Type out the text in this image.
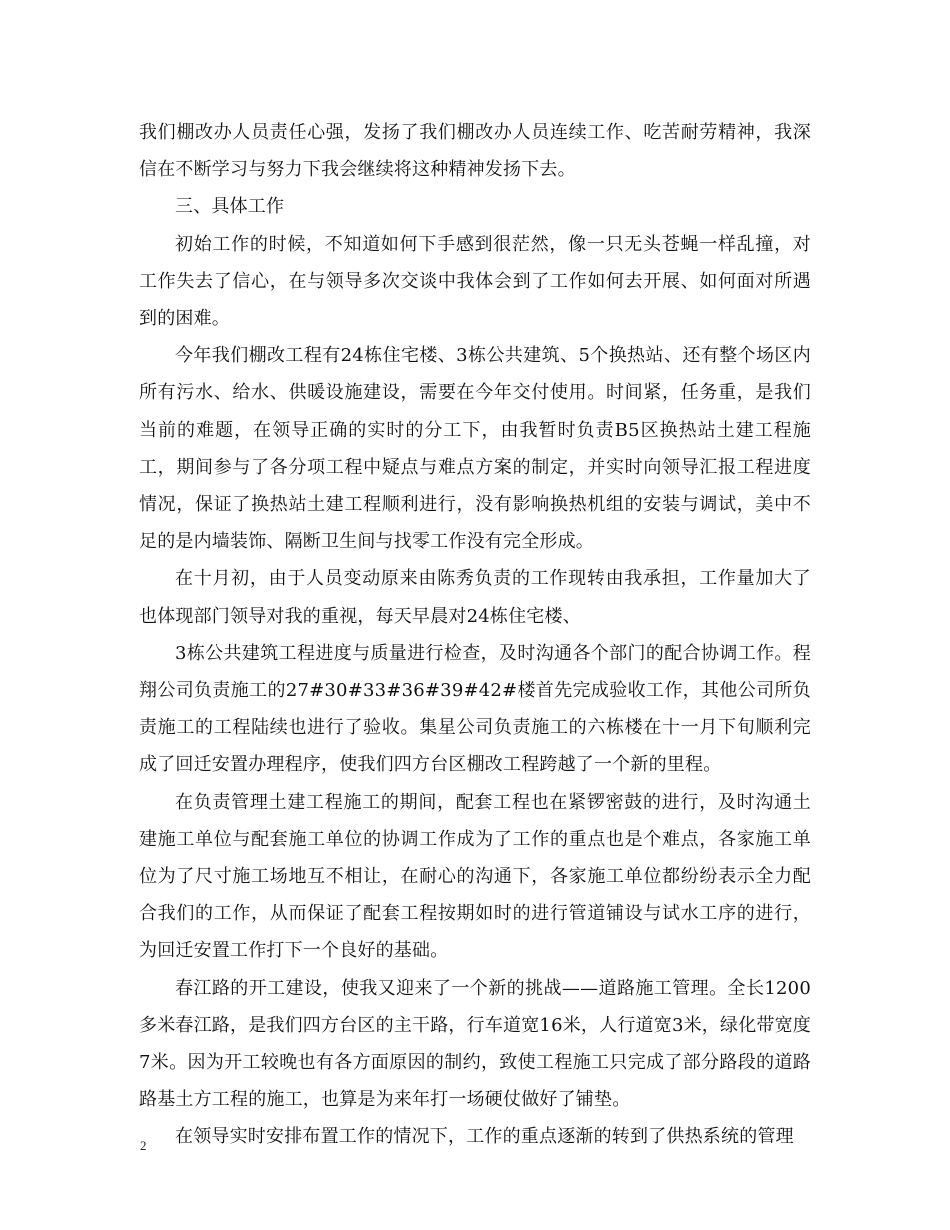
我们棚改办人员责任心强，发扬了我们棚改办人员连续工作、吃苦耐劳精神，我深信在不断学习与努力下我会继续将这种精神发扬下去。

三、具体工作

初始工作的时候，不知道如何下手感到很茫然，像一只无头苍蝇一样乱撞，对工作失去了信心，在与领导多次交谈中我体会到了工作如何去开展、如何面对所遇到的困难。

今年我们棚改工程有24栋住宅楼、3栋公共建筑、5个换热站、还有整个场区内所有污水、给水、供暖设施建设，需要在今年交付使用。时间紧，任务重，是我们当前的难题，在领导正确的实时的分工下，由我暂时负责B5区换热站土建工程施工，期间参与了各分项工程中疑点与难点方案的制定，并实时向领导汇报工程进度情况，保证了换热站土建工程顺利进行，没有影响换热机组的安装与调试，美中不足的是内墙装饰、隔断卫生间与找零工作没有完全形成。

在十月初，由于人员变动原来由陈秀负责的工作现转由我承担，工作量加大了也体现部门领导对我的重视，每天早晨对24栋住宅楼、

3栋公共建筑工程进度与质量进行检查，及时沟通各个部门的配合协调工作。程翔公司负责施工的27#30#33#36#39#42#楼首先完成验收工作，其他公司所负责施工的工程陆续也进行了验收。集星公司负责施工的六栋楼在十一月下旬顺利完成了回迁安置办理程序，使我们四方台区棚改工程跨越了一个新的里程。

在负责管理土建工程施工的期间，配套工程也在紧锣密鼓的进行，及时沟通土建施工单位与配套施工单位的协调工作成为了工作的重点也是个难点，各家施工单位为了尺寸施工场地互不相让，在耐心的沟通下，各家施工单位都纷纷表示全力配合我们的工作，从而保证了配套工程按期如时的进行管道铺设与试水工序的进行，为回迁安置工作打下一个良好的基础。

春江路的开工建设，使我又迎来了一个新的挑战——道路施工管理。全长1200多米春江路，是我们四方台区的主干路，行车道宽16米，人行道宽3米，绿化带宽度7米。因为开工较晚也有各方面原因的制约，致使工程施工只完成了部分路段的道路路基土方工程的施工，也算是为来年打一场硬仗做好了铺垫。

在领导实时安排布置工作的情况下，工作的重点逐渐的转到了供热系统的管理

2
